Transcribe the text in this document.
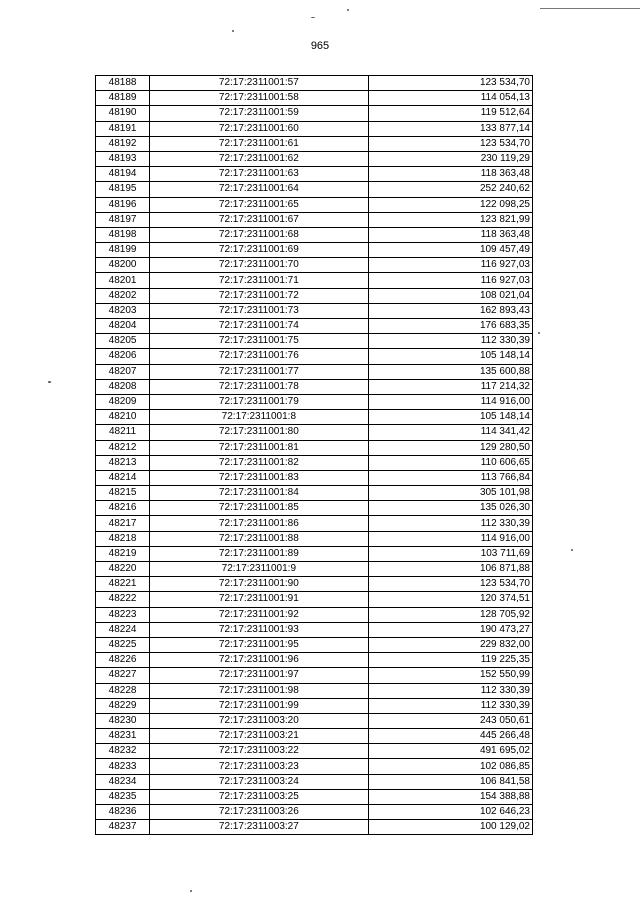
965
48188	72:17:2311001:57	123 534,70
48189	72:17:2311001:58	114 054,13
48190	72:17:2311001:59	119 512,64
48191	72:17:2311001:60	133 877,14
48192	72:17:2311001:61	123 534,70
48193	72:17:2311001:62	230 119,29
48194	72:17:2311001:63	118 363,48
48195	72:17:2311001:64	252 240,62
48196	72:17:2311001:65	122 098,25
48197	72:17:2311001:67	123 821,99
48198	72:17:2311001:68	118 363,48
48199	72:17:2311001:69	109 457,49
48200	72:17:2311001:70	116 927,03
48201	72:17:2311001:71	116 927,03
48202	72:17:2311001:72	108 021,04
48203	72:17:2311001:73	162 893,43
48204	72:17:2311001:74	176 683,35
48205	72:17:2311001:75	112 330,39
48206	72:17:2311001:76	105 148,14
48207	72:17:2311001:77	135 600,88
48208	72:17:2311001:78	117 214,32
48209	72:17:2311001:79	114 916,00
48210	72:17:2311001:8	105 148,14
48211	72:17:2311001:80	114 341,42
48212	72:17:2311001:81	129 280,50
48213	72:17:2311001:82	110 606,65
48214	72:17:2311001:83	113 766,84
48215	72:17:2311001:84	305 101,98
48216	72:17:2311001:85	135 026,30
48217	72:17:2311001:86	112 330,39
48218	72:17:2311001:88	114 916,00
48219	72:17:2311001:89	103 711,69
48220	72:17:2311001:9	106 871,88
48221	72:17:2311001:90	123 534,70
48222	72:17:2311001:91	120 374,51
48223	72:17:2311001:92	128 705,92
48224	72:17:2311001:93	190 473,27
48225	72:17:2311001:95	229 832,00
48226	72:17:2311001:96	119 225,35
48227	72:17:2311001:97	152 550,99
48228	72:17:2311001:98	112 330,39
48229	72:17:2311001:99	112 330,39
48230	72:17:2311003:20	243 050,61
48231	72:17:2311003:21	445 266,48
48232	72:17:2311003:22	491 695,02
48233	72:17:2311003:23	102 086,85
48234	72:17:2311003:24	106 841,58
48235	72:17:2311003:25	154 388,88
48236	72:17:2311003:26	102 646,23
48237	72:17:2311003:27	100 129,02
